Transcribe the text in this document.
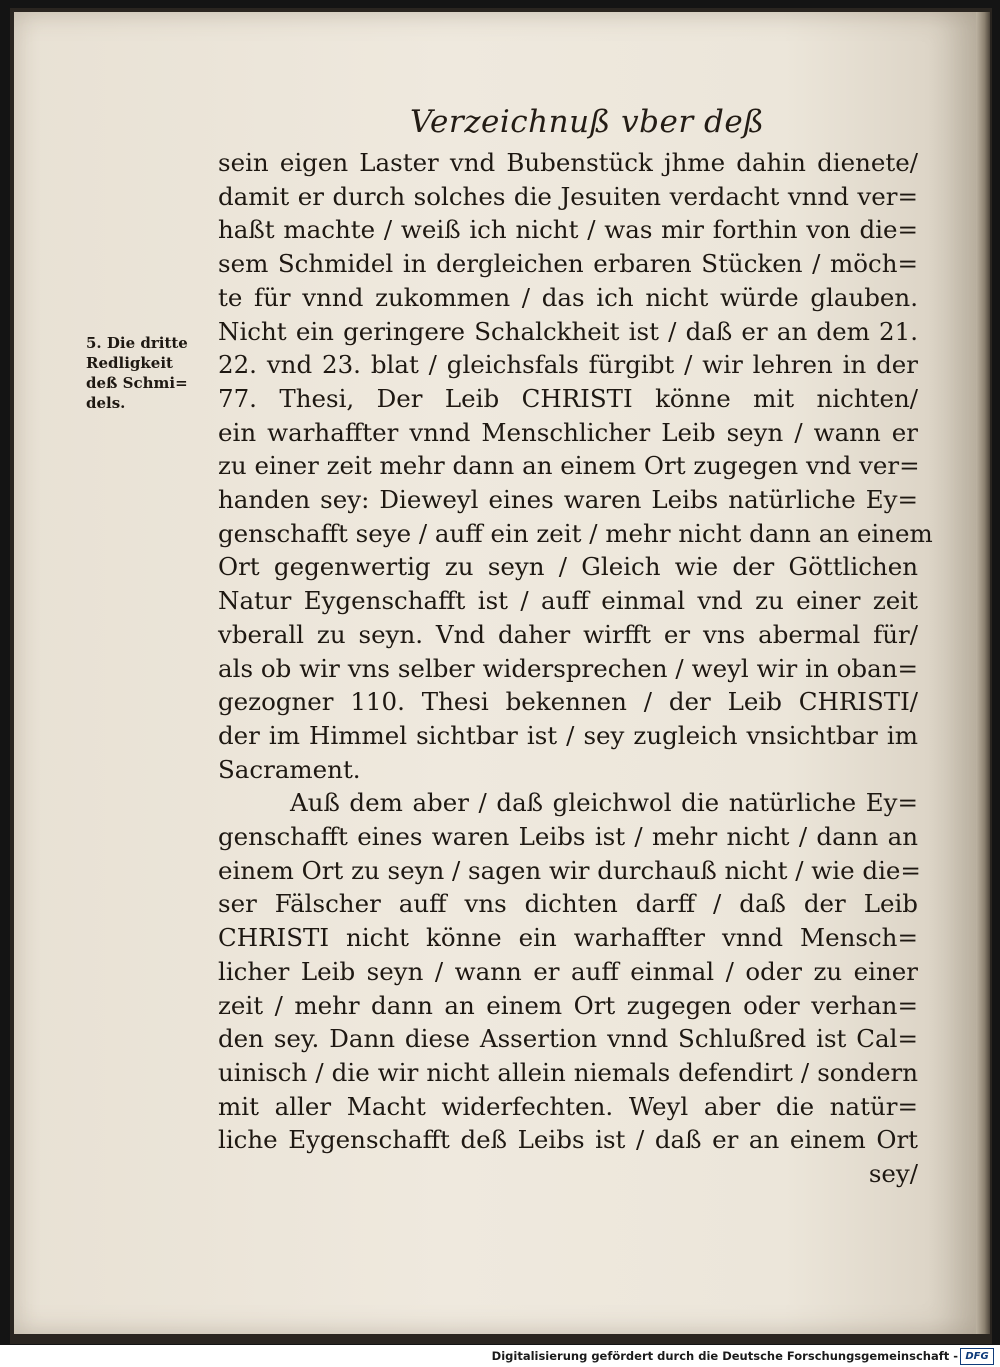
Verzeichnuß vber deß
5. Die dritte
Redligkeit
deß Schmi=
dels.
sein eigen Laster vnd Bubenstück jhme dahin dienete/
damit er durch solches die Jesuiten verdacht vnnd ver=
haßt machte / weiß ich nicht / was mir forthin von die=
sem Schmidel in dergleichen erbaren Stücken / möch=
te für vnnd zukommen / das ich nicht würde glauben.
Nicht ein geringere Schalckheit ist / daß er an dem 21.
22. vnd 23. blat / gleichsfals fürgibt / wir lehren in der
77. Thesi, Der Leib CHRISTI könne mit nichten/
ein warhaffter vnnd Menschlicher Leib seyn / wann er
zu einer zeit mehr dann an einem Ort zugegen vnd ver=
handen sey: Dieweyl eines waren Leibs natürliche Ey=
genschafft seye / auff ein zeit / mehr nicht dann an einem
Ort gegenwertig zu seyn / Gleich wie der Göttlichen
Natur Eygenschafft ist / auff einmal vnd zu einer zeit
vberall zu seyn. Vnd daher wirfft er vns abermal für/
als ob wir vns selber widersprechen / weyl wir in oban=
gezogner 110. Thesi bekennen / der Leib CHRISTI/
der im Himmel sichtbar ist / sey zugleich vnsichtbar im
Sacrament.
Auß dem aber / daß gleichwol die natürliche Ey=
genschafft eines waren Leibs ist / mehr nicht / dann an
einem Ort zu seyn / sagen wir durchauß nicht / wie die=
ser Fälscher auff vns dichten darff / daß der Leib
CHRISTI nicht könne ein warhaffter vnnd Mensch=
licher Leib seyn / wann er auff einmal / oder zu einer
zeit / mehr dann an einem Ort zugegen oder verhan=
den sey. Dann diese Assertion vnnd Schlußred ist Cal=
uinisch / die wir nicht allein niemals defendirt / sondern
mit aller Macht widerfechten. Weyl aber die natür=
liche Eygenschafft deß Leibs ist / daß er an einem Ort
sey/
Digitalisierung gefördert durch die Deutsche Forschungsgemeinschaft - DFG
